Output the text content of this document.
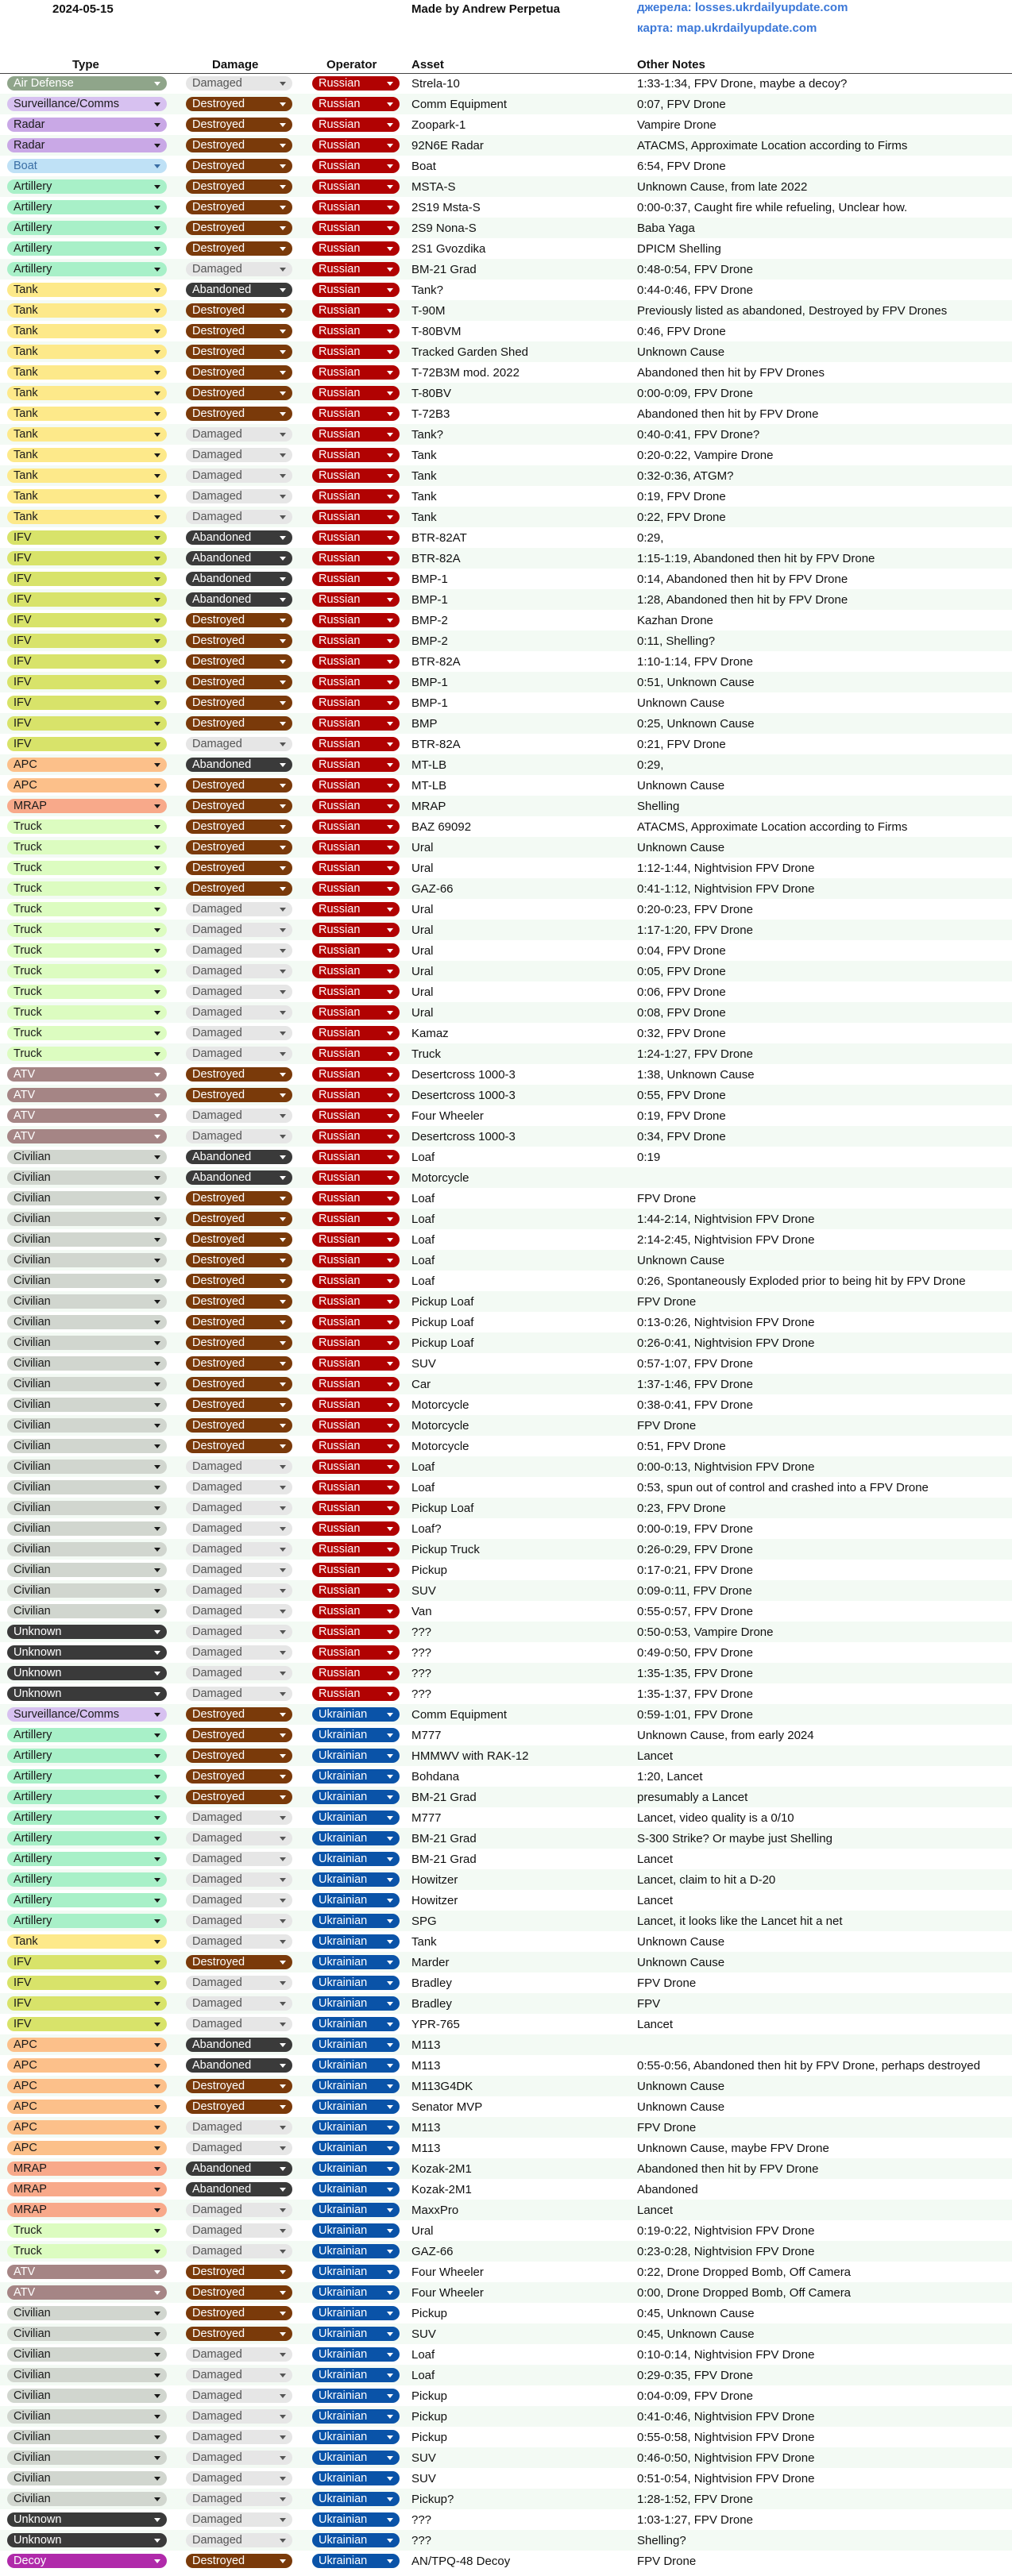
2024-05-15	Made by Andrew Perpetua	джерела: losses.ukrdailyupdate.com
карта: map.ukrdailyupdate.com
Type	Damage	Operator	Asset	Other Notes
Air Defense	Damaged	Russian	Strela-10	1:33-1:34, FPV Drone, maybe a decoy?
Surveillance/Comms	Destroyed	Russian	Comm Equipment	0:07, FPV Drone
Radar	Destroyed	Russian	Zoopark-1	Vampire Drone
Radar	Destroyed	Russian	92N6E Radar	ATACMS, Approximate Location according to Firms
Boat	Destroyed	Russian	Boat	6:54, FPV Drone
Artillery	Destroyed	Russian	MSTA-S	Unknown Cause, from late 2022
Artillery	Destroyed	Russian	2S19 Msta-S	0:00-0:37, Caught fire while refueling, Unclear how.
Artillery	Destroyed	Russian	2S9 Nona-S	Baba Yaga
Artillery	Destroyed	Russian	2S1 Gvozdika	DPICM Shelling
Artillery	Damaged	Russian	BM-21 Grad	0:48-0:54, FPV Drone
Tank	Abandoned	Russian	Tank?	0:44-0:46, FPV Drone
Tank	Destroyed	Russian	T-90M	Previously listed as abandoned, Destroyed by FPV Drones
Tank	Destroyed	Russian	T-80BVM	0:46, FPV Drone
Tank	Destroyed	Russian	Tracked Garden Shed	Unknown Cause
Tank	Destroyed	Russian	T-72B3M mod. 2022	Abandoned then hit by FPV Drones
Tank	Destroyed	Russian	T-80BV	0:00-0:09, FPV Drone
Tank	Destroyed	Russian	T-72B3	Abandoned then hit by FPV Drone
Tank	Damaged	Russian	Tank?	0:40-0:41, FPV Drone?
Tank	Damaged	Russian	Tank	0:20-0:22, Vampire Drone
Tank	Damaged	Russian	Tank	0:32-0:36, ATGM?
Tank	Damaged	Russian	Tank	0:19, FPV Drone
Tank	Damaged	Russian	Tank	0:22, FPV Drone
IFV	Abandoned	Russian	BTR-82AT	0:29,
IFV	Abandoned	Russian	BTR-82A	1:15-1:19, Abandoned then hit by FPV Drone
IFV	Abandoned	Russian	BMP-1	0:14, Abandoned then hit by FPV Drone
IFV	Abandoned	Russian	BMP-1	1:28, Abandoned then hit by FPV Drone
IFV	Destroyed	Russian	BMP-2	Kazhan Drone
IFV	Destroyed	Russian	BMP-2	0:11, Shelling?
IFV	Destroyed	Russian	BTR-82A	1:10-1:14, FPV Drone
IFV	Destroyed	Russian	BMP-1	0:51, Unknown Cause
IFV	Destroyed	Russian	BMP-1	Unknown Cause
IFV	Destroyed	Russian	BMP	0:25, Unknown Cause
IFV	Damaged	Russian	BTR-82A	0:21, FPV Drone
APC	Abandoned	Russian	MT-LB	0:29,
APC	Destroyed	Russian	MT-LB	Unknown Cause
MRAP	Destroyed	Russian	MRAP	Shelling
Truck	Destroyed	Russian	BAZ 69092	ATACMS, Approximate Location according to Firms
Truck	Destroyed	Russian	Ural	Unknown Cause
Truck	Destroyed	Russian	Ural	1:12-1:44, Nightvision FPV Drone
Truck	Destroyed	Russian	GAZ-66	0:41-1:12, Nightvision FPV Drone
Truck	Damaged	Russian	Ural	0:20-0:23, FPV Drone
Truck	Damaged	Russian	Ural	1:17-1:20, FPV Drone
Truck	Damaged	Russian	Ural	0:04, FPV Drone
Truck	Damaged	Russian	Ural	0:05, FPV Drone
Truck	Damaged	Russian	Ural	0:06, FPV Drone
Truck	Damaged	Russian	Ural	0:08, FPV Drone
Truck	Damaged	Russian	Kamaz	0:32, FPV Drone
Truck	Damaged	Russian	Truck	1:24-1:27, FPV Drone
ATV	Destroyed	Russian	Desertcross 1000-3	1:38, Unknown Cause
ATV	Destroyed	Russian	Desertcross 1000-3	0:55, FPV Drone
ATV	Damaged	Russian	Four Wheeler	0:19, FPV Drone
ATV	Damaged	Russian	Desertcross 1000-3	0:34, FPV Drone
Civilian	Abandoned	Russian	Loaf	0:19
Civilian	Abandoned	Russian	Motorcycle
Civilian	Destroyed	Russian	Loaf	FPV Drone
Civilian	Destroyed	Russian	Loaf	1:44-2:14, Nightvision FPV Drone
Civilian	Destroyed	Russian	Loaf	2:14-2:45, Nightvision FPV Drone
Civilian	Destroyed	Russian	Loaf	Unknown Cause
Civilian	Destroyed	Russian	Loaf	0:26, Spontaneously Exploded prior to being hit by FPV Drone
Civilian	Destroyed	Russian	Pickup Loaf	FPV Drone
Civilian	Destroyed	Russian	Pickup Loaf	0:13-0:26, Nightvision FPV Drone
Civilian	Destroyed	Russian	Pickup Loaf	0:26-0:41, Nightvision FPV Drone
Civilian	Destroyed	Russian	SUV	0:57-1:07, FPV Drone
Civilian	Destroyed	Russian	Car	1:37-1:46, FPV Drone
Civilian	Destroyed	Russian	Motorcycle	0:38-0:41, FPV Drone
Civilian	Destroyed	Russian	Motorcycle	FPV Drone
Civilian	Destroyed	Russian	Motorcycle	0:51, FPV Drone
Civilian	Damaged	Russian	Loaf	0:00-0:13, Nightvision FPV Drone
Civilian	Damaged	Russian	Loaf	0:53, spun out of control and crashed into a FPV Drone
Civilian	Damaged	Russian	Pickup Loaf	0:23, FPV Drone
Civilian	Damaged	Russian	Loaf?	0:00-0:19, FPV Drone
Civilian	Damaged	Russian	Pickup Truck	0:26-0:29, FPV Drone
Civilian	Damaged	Russian	Pickup	0:17-0:21, FPV Drone
Civilian	Damaged	Russian	SUV	0:09-0:11, FPV Drone
Civilian	Damaged	Russian	Van	0:55-0:57, FPV Drone
Unknown	Damaged	Russian	???	0:50-0:53, Vampire Drone
Unknown	Damaged	Russian	???	0:49-0:50, FPV Drone
Unknown	Damaged	Russian	???	1:35-1:35, FPV Drone
Unknown	Damaged	Russian	???	1:35-1:37, FPV Drone
Surveillance/Comms	Destroyed	Ukrainian	Comm Equipment	0:59-1:01, FPV Drone
Artillery	Destroyed	Ukrainian	M777	Unknown Cause, from early 2024
Artillery	Destroyed	Ukrainian	HMMWV with RAK-12	Lancet
Artillery	Destroyed	Ukrainian	Bohdana	1:20, Lancet
Artillery	Destroyed	Ukrainian	BM-21 Grad	presumably a Lancet
Artillery	Damaged	Ukrainian	M777	Lancet, video quality is a 0/10
Artillery	Damaged	Ukrainian	BM-21 Grad	S-300 Strike? Or maybe just Shelling
Artillery	Damaged	Ukrainian	BM-21 Grad	Lancet
Artillery	Damaged	Ukrainian	Howitzer	Lancet, claim to hit a D-20
Artillery	Damaged	Ukrainian	Howitzer	Lancet
Artillery	Damaged	Ukrainian	SPG	Lancet, it looks like the Lancet hit a net
Tank	Damaged	Ukrainian	Tank	Unknown Cause
IFV	Destroyed	Ukrainian	Marder	Unknown Cause
IFV	Damaged	Ukrainian	Bradley	FPV Drone
IFV	Damaged	Ukrainian	Bradley	FPV
IFV	Damaged	Ukrainian	YPR-765	Lancet
APC	Abandoned	Ukrainian	M113
APC	Abandoned	Ukrainian	M113	0:55-0:56, Abandoned then hit by FPV Drone, perhaps destroyed
APC	Destroyed	Ukrainian	M113G4DK	Unknown Cause
APC	Destroyed	Ukrainian	Senator MVP	Unknown Cause
APC	Damaged	Ukrainian	M113	FPV Drone
APC	Damaged	Ukrainian	M113	Unknown Cause, maybe FPV Drone
MRAP	Abandoned	Ukrainian	Kozak-2M1	Abandoned then hit by FPV Drone
MRAP	Abandoned	Ukrainian	Kozak-2M1	Abandoned
MRAP	Damaged	Ukrainian	MaxxPro	Lancet
Truck	Damaged	Ukrainian	Ural	0:19-0:22, Nightvision FPV Drone
Truck	Damaged	Ukrainian	GAZ-66	0:23-0:28, Nightvision FPV Drone
ATV	Destroyed	Ukrainian	Four Wheeler	0:22, Drone Dropped Bomb, Off Camera
ATV	Destroyed	Ukrainian	Four Wheeler	0:00, Drone Dropped Bomb, Off Camera
Civilian	Destroyed	Ukrainian	Pickup	0:45, Unknown Cause
Civilian	Destroyed	Ukrainian	SUV	0:45, Unknown Cause
Civilian	Damaged	Ukrainian	Loaf	0:10-0:14, Nightvision FPV Drone
Civilian	Damaged	Ukrainian	Loaf	0:29-0:35, FPV Drone
Civilian	Damaged	Ukrainian	Pickup	0:04-0:09, FPV Drone
Civilian	Damaged	Ukrainian	Pickup	0:41-0:46, Nightvision FPV Drone
Civilian	Damaged	Ukrainian	Pickup	0:55-0:58, Nightvision FPV Drone
Civilian	Damaged	Ukrainian	SUV	0:46-0:50, Nightvision FPV Drone
Civilian	Damaged	Ukrainian	SUV	0:51-0:54, Nightvision FPV Drone
Civilian	Damaged	Ukrainian	Pickup?	1:28-1:52, FPV Drone
Unknown	Damaged	Ukrainian	???	1:03-1:27, FPV Drone
Unknown	Damaged	Ukrainian	???	Shelling?
Decoy	Destroyed	Ukrainian	AN/TPQ-48 Decoy	FPV Drone
